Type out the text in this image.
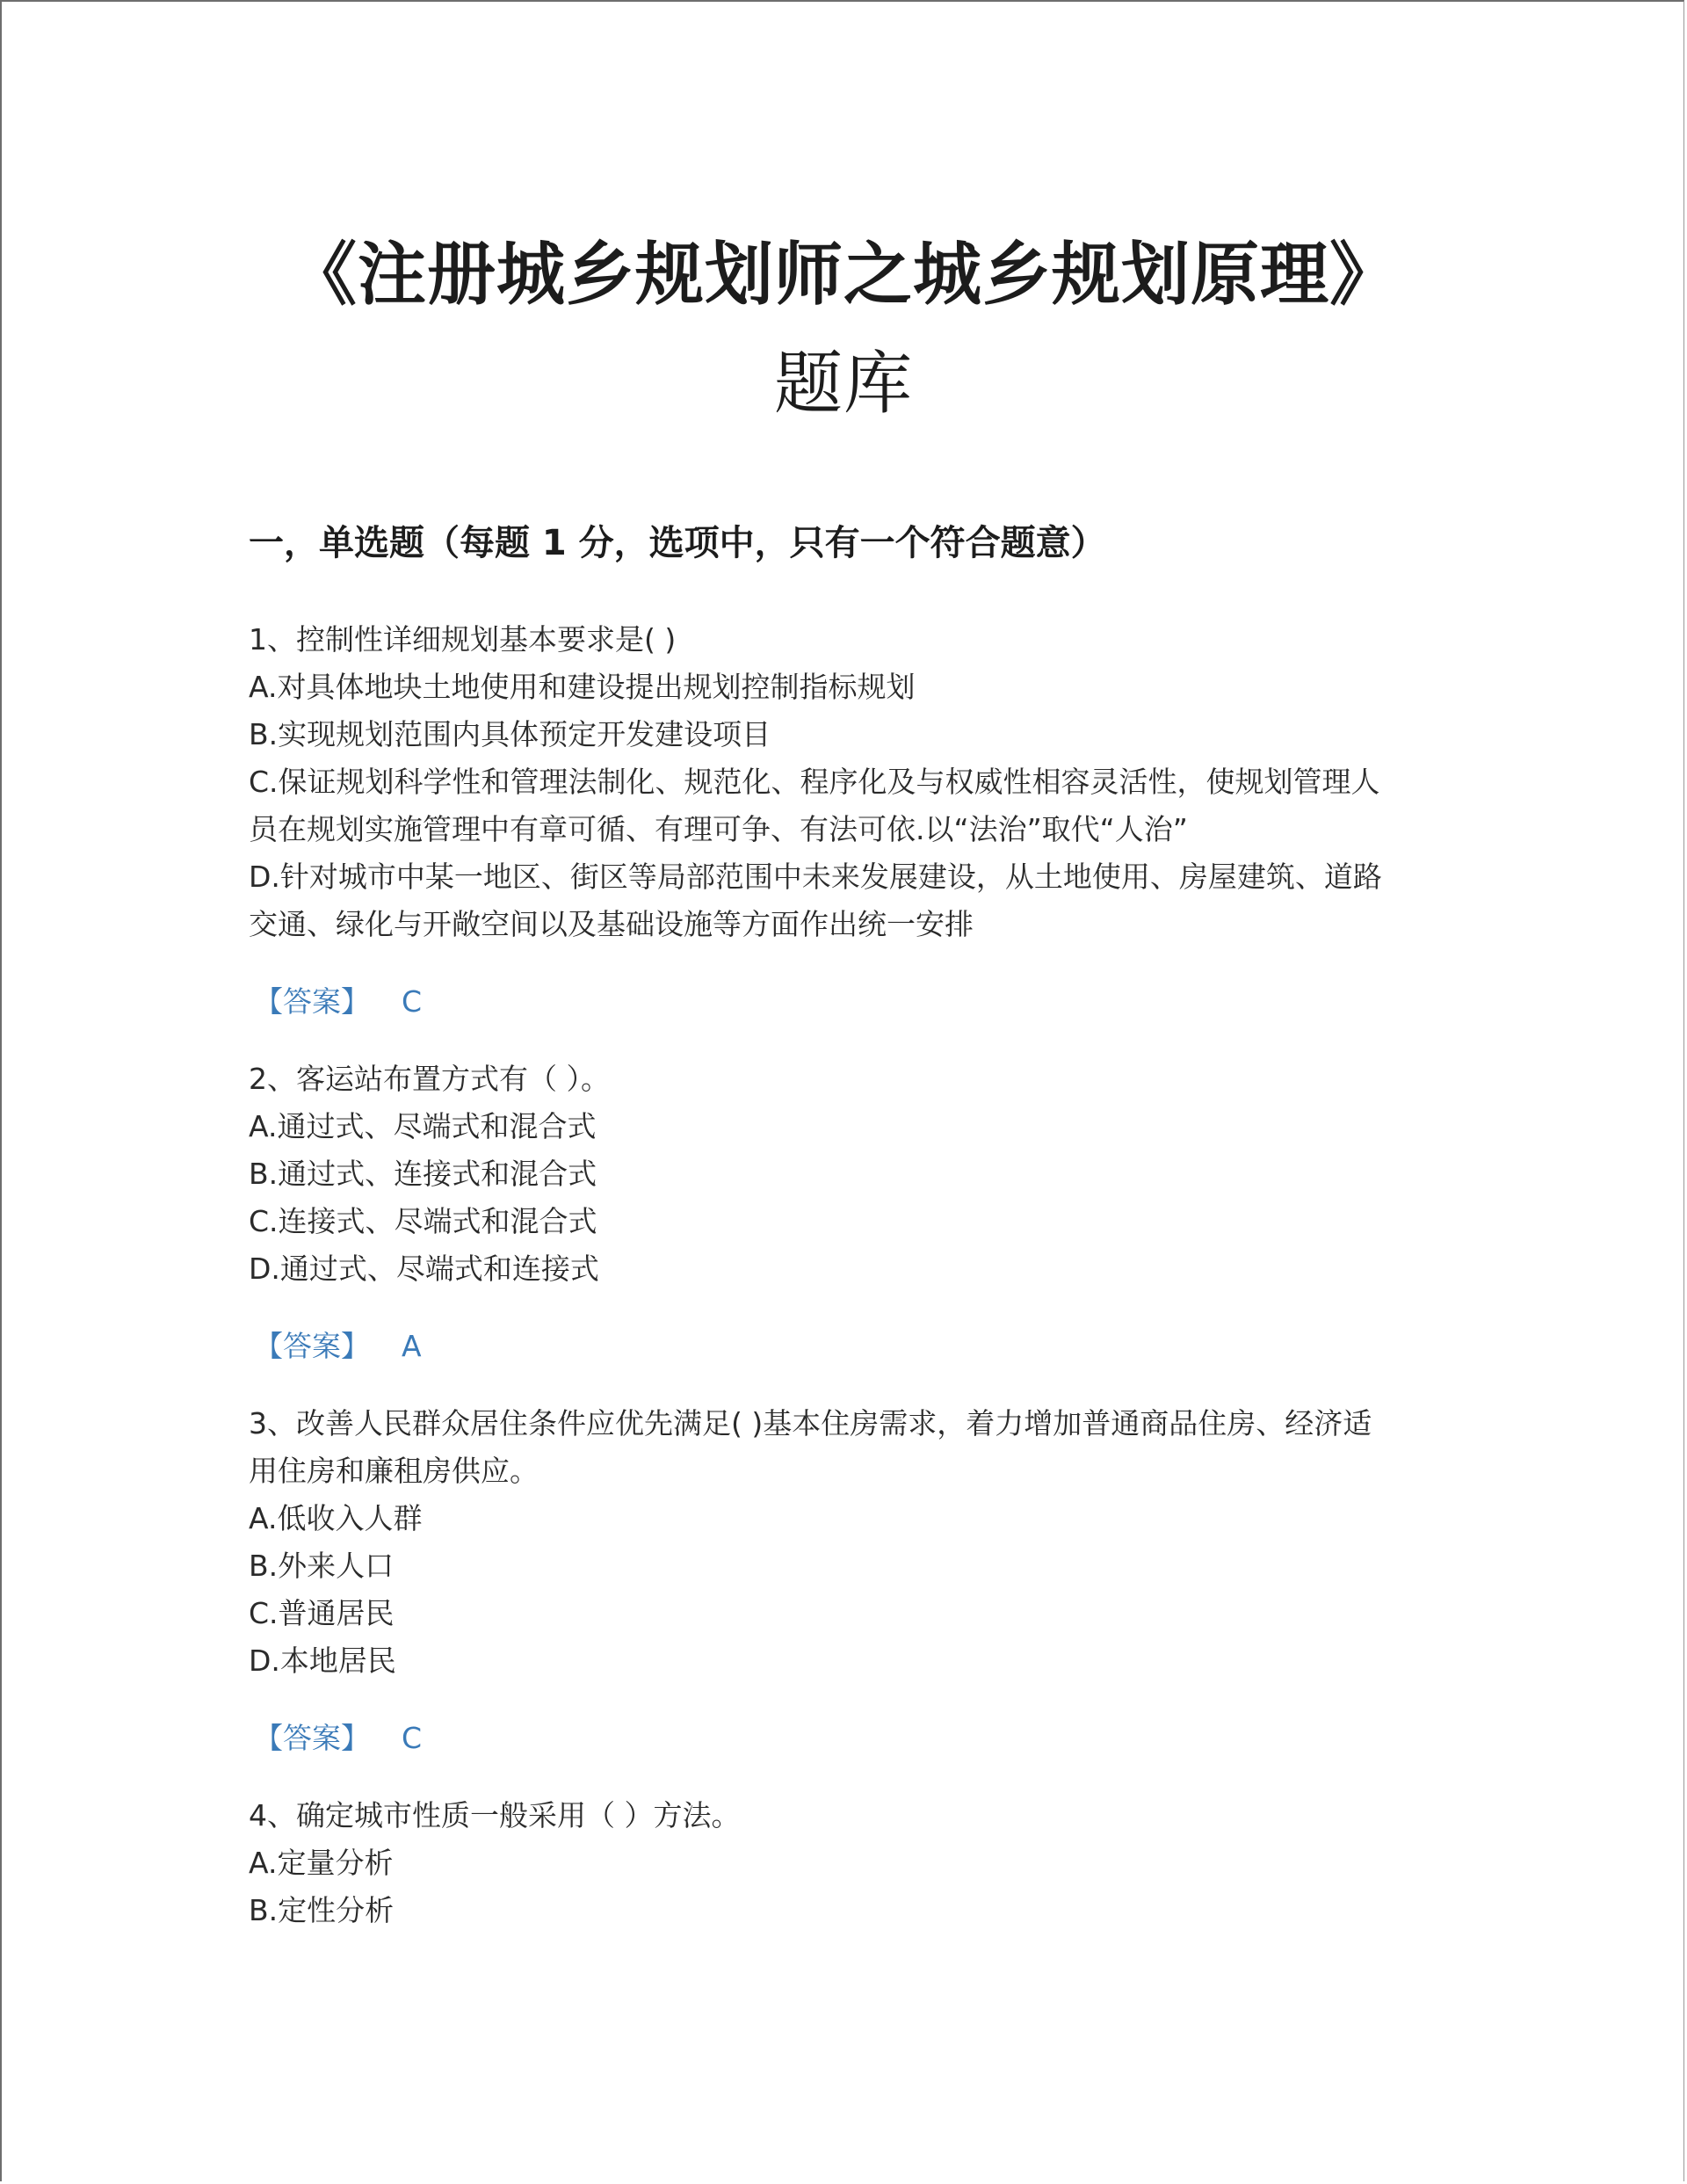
《注册城乡规划师之城乡规划原理》
题库
一，单选题（每题 1 分，选项中，只有一个符合题意）
1、控制性详细规划基本要求是( )
A.对具体地块土地使用和建设提出规划控制指标规划
B.实现规划范围内具体预定开发建设项目
C.保证规划科学性和管理法制化、规范化、程序化及与权威性相容灵活性，使规划管理人
员在规划实施管理中有章可循、有理可争、有法可依.以“法治”取代“人治”
D.针对城市中某一地区、街区等局部范围中未来发展建设，从土地使用、房屋建筑、道路
交通、绿化与开敞空间以及基础设施等方面作出统一安排
【答案】 C
2、客运站布置方式有（ ）。
A.通过式、尽端式和混合式
B.通过式、连接式和混合式
C.连接式、尽端式和混合式
D.通过式、尽端式和连接式
【答案】 A
3、改善人民群众居住条件应优先满足( )基本住房需求，着力增加普通商品住房、经济适
用住房和廉租房供应。
A.低收入人群
B.外来人口
C.普通居民
D.本地居民
【答案】 C
4、确定城市性质一般采用（ ）方法。
A.定量分析
B.定性分析
